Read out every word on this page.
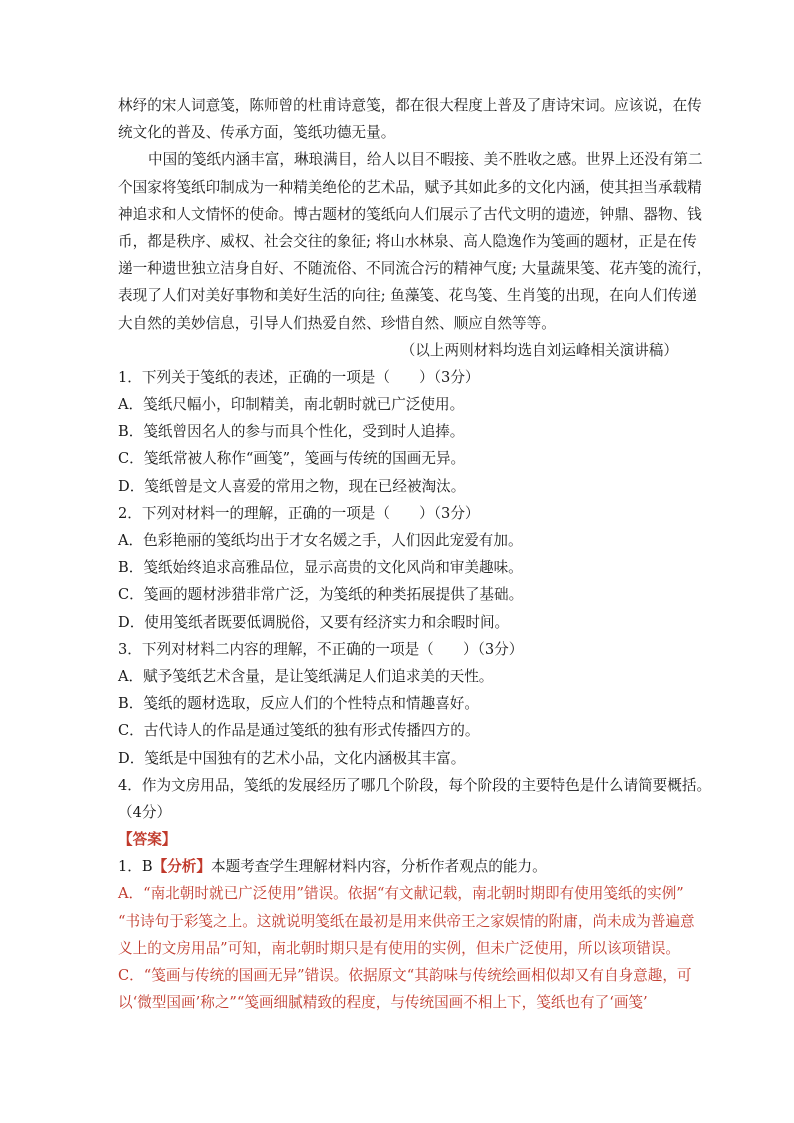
林纾的宋人词意笺，陈师曾的杜甫诗意笺，都在很大程度上普及了唐诗宋词。应该说，在传
统文化的普及、传承方面，笺纸功德无量。
中国的笺纸内涵丰富，琳琅满目，给人以目不暇接、美不胜收之感。世界上还没有第二
个国家将笺纸印制成为一种精美绝伦的艺术品，赋予其如此多的文化内涵，使其担当承载精
神追求和人文情怀的使命。博古题材的笺纸向人们展示了古代文明的遗迹，钟鼎、器物、钱
币，都是秩序、威权、社会交往的象征; 将山水林泉、高人隐逸作为笺画的题材，正是在传
递一种遗世独立洁身自好、不随流俗、不同流合污的精神气度; 大量蔬果笺、花卉笺的流行，
表现了人们对美好事物和美好生活的向往; 鱼藻笺、花鸟笺、生肖笺的出现，在向人们传递
大自然的美妙信息，引导人们热爱自然、珍惜自然、顺应自然等等。
（以上两则材料均选自刘运峰相关演讲稿）
1．下列关于笺纸的表述，正确的一项是（　　）（3分）
A．笺纸尺幅小，印制精美，南北朝时就已广泛使用。
B．笺纸曾因名人的参与而具个性化，受到时人追捧。
C．笺纸常被人称作“画笺”，笺画与传统的国画无异。
D．笺纸曾是文人喜爱的常用之物，现在已经被淘汰。
2．下列对材料一的理解，正确的一项是（　　）（3分）
A．色彩艳丽的笺纸均出于才女名媛之手，人们因此宠爱有加。
B．笺纸始终追求高雅品位，显示高贵的文化风尚和审美趣味。
C．笺画的题材涉猎非常广泛，为笺纸的种类拓展提供了基础。
D．使用笺纸者既要低调脱俗，又要有经济实力和余暇时间。
3．下列对材料二内容的理解，不正确的一项是（　　）（3分）
A．赋予笺纸艺术含量，是让笺纸满足人们追求美的天性。
B．笺纸的题材选取，反应人们的个性特点和情趣喜好。
C．古代诗人的作品是通过笺纸的独有形式传播四方的。
D．笺纸是中国独有的艺术小品，文化内涵极其丰富。
4．作为文房用品，笺纸的发展经历了哪几个阶段，每个阶段的主要特色是什么请简要概括。
（4分）
【答案】
1．B【分析】本题考查学生理解材料内容，分析作者观点的能力。
A．“南北朝时就已广泛使用”错误。依据“有文献记载，南北朝时期即有使用笺纸的实例”
“书诗句于彩笺之上。这就说明笺纸在最初是用来供帝王之家娱情的附庸，尚未成为普遍意
义上的文房用品”可知，南北朝时期只是有使用的实例，但未广泛使用，所以该项错误。
C．“笺画与传统的国画无异”错误。依据原文“其韵味与传统绘画相似却又有自身意趣，可
以‘微型国画’称之”“笺画细腻精致的程度，与传统国画不相上下，笺纸也有了‘画笺’
